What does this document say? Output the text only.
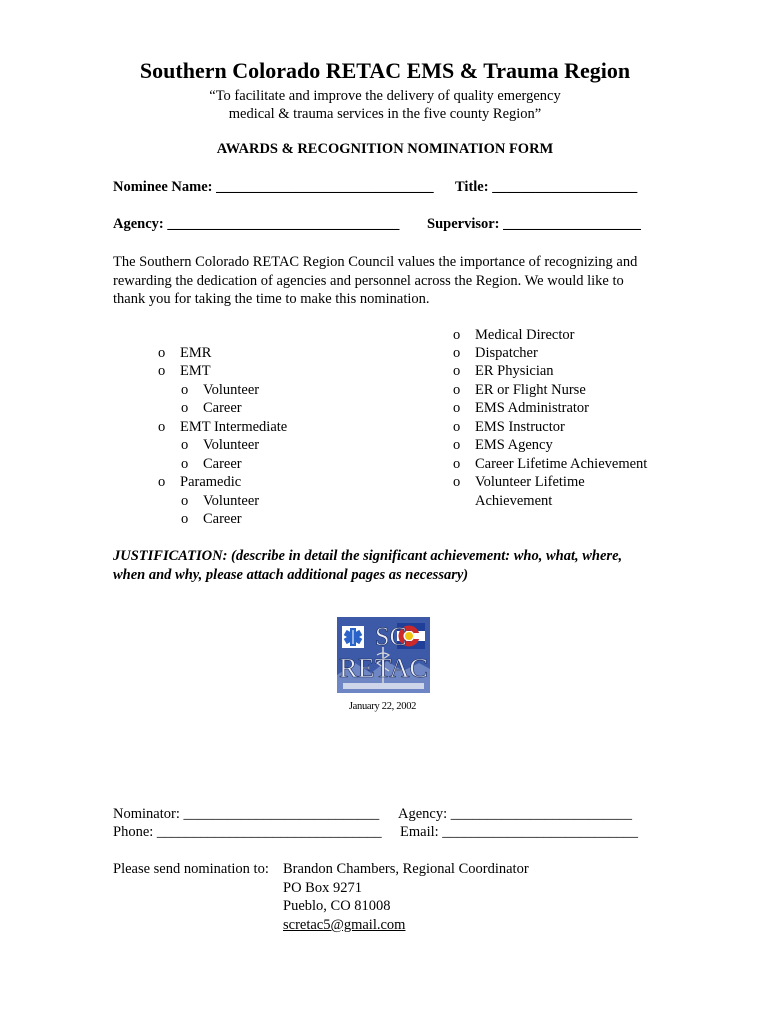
Southern Colorado RETAC EMS & Trauma Region
“To facilitate and improve the delivery of quality emergency
medical & trauma services in the five county Region”
AWARDS & RECOGNITION NOMINATION FORM
Nominee Name: ______________________________ Title: ____________________
Agency: ________________________________ Supervisor: ___________________
The Southern Colorado RETAC Region Council values the importance of recognizing and rewarding the dedication of agencies and personnel across the Region. We would like to thank you for taking the time to make this nomination.
o EMR
o EMT
o Volunteer
o Career
o EMT Intermediate
o Volunteer
o Career
o Paramedic
o Volunteer
o Career
o Medical Director
o Dispatcher
o ER Physician
o ER or Flight Nurse
o EMS Administrator
o EMS Instructor
o EMS Agency
o Career Lifetime Achievement
o Volunteer Lifetime
Achievement
JUSTIFICATION: (describe in detail the significant achievement: who, what, where,
when and why, please attach additional pages as necessary)
SC
RETAC
January 22, 2002
Nominator: ___________________________ Agency: _________________________
Phone: _______________________________ Email: ___________________________
Please send nomination to: Brandon Chambers, Regional Coordinator
PO Box 9271
Pueblo, CO 81008
scretac5@gmail.com
